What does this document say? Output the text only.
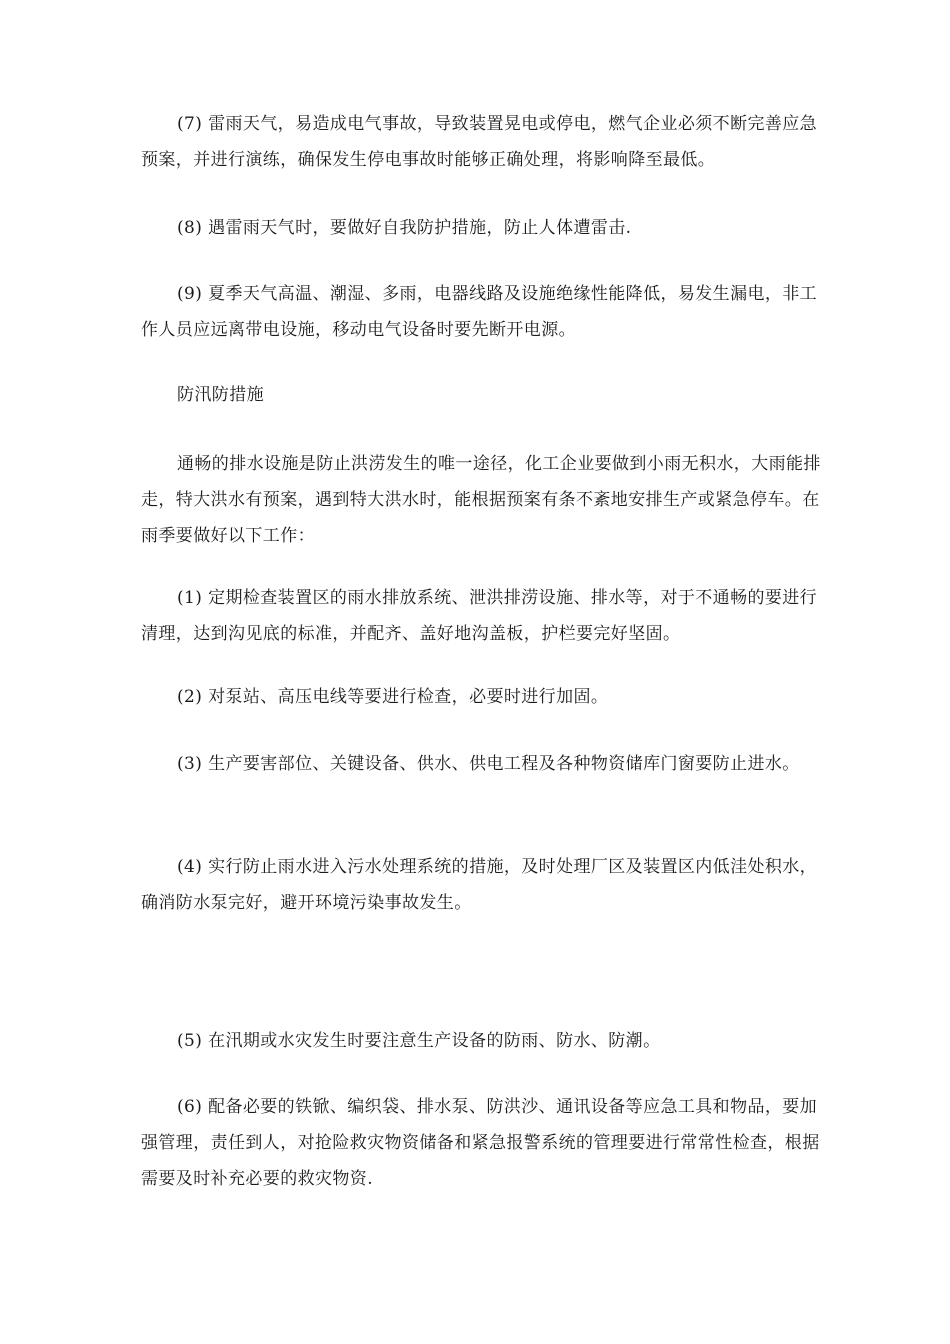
(7) 雷雨天气，易造成电气事故，导致装置晃电或停电，燃气企业必须不断完善应急预案，并进行演练，确保发生停电事故时能够正确处理，将影响降至最低。

(8) 遇雷雨天气时，要做好自我防护措施，防止人体遭雷击.

(9) 夏季天气高温、潮湿、多雨，电器线路及设施绝缘性能降低，易发生漏电，非工作人员应远离带电设施，移动电气设备时要先断开电源。

防汛防措施

通畅的排水设施是防止洪涝发生的唯一途径，化工企业要做到小雨无积水，大雨能排走，特大洪水有预案，遇到特大洪水时，能根据预案有条不紊地安排生产或紧急停车。在雨季要做好以下工作：

(1) 定期检查装置区的雨水排放系统、泄洪排涝设施、排水等，对于不通畅的要进行清理，达到沟见底的标准，并配齐、盖好地沟盖板，护栏要完好坚固。

(2) 对泵站、高压电线等要进行检查，必要时进行加固。

(3) 生产要害部位、关键设备、供水、供电工程及各种物资储库门窗要防止进水。

(4) 实行防止雨水进入污水处理系统的措施，及时处理厂区及装置区内低洼处积水，确消防水泵完好，避开环境污染事故发生。

(5) 在汛期或水灾发生时要注意生产设备的防雨、防水、防潮。

(6) 配备必要的铁锨、编织袋、排水泵、防洪沙、通讯设备等应急工具和物品，要加强管理，责任到人，对抢险救灾物资储备和紧急报警系统的管理要进行常常性检查，根据需要及时补充必要的救灾物资.
